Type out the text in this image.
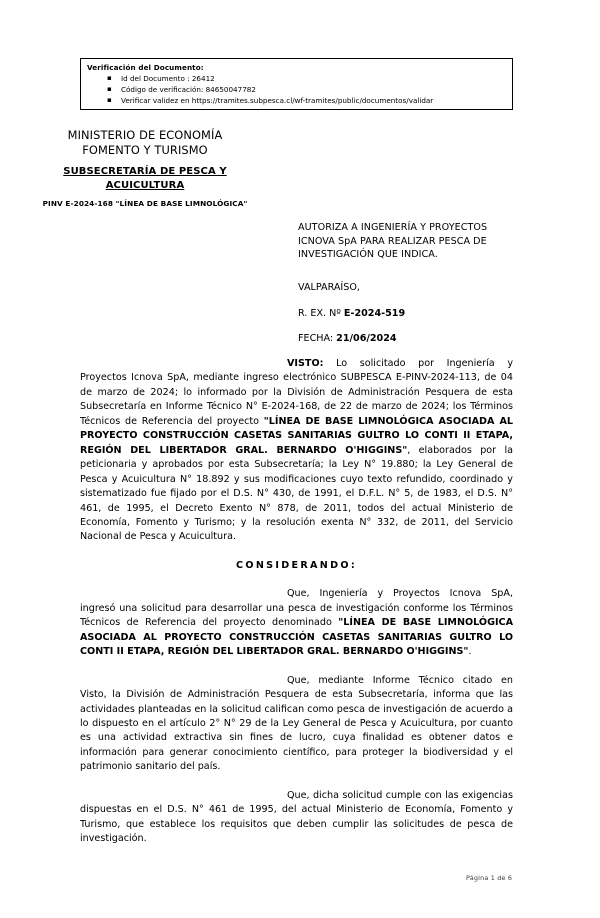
Verificación del Documento:
▪ Id del Documento : 26412
▪ Código de verificación: 84650047782
▪ Verificar validez en https://tramites.subpesca.cl/wf-tramites/public/documentos/validar
MINISTERIO DE ECONOMÍA
FOMENTO Y TURISMO
SUBSECRETARÍA DE PESCA Y ACUICULTURA
PINV E-2024-168 "LÍNEA DE BASE LIMNOLÓGICA"
AUTORIZA A INGENIERÍA Y PROYECTOS ICNOVA SpA PARA REALIZAR PESCA DE INVESTIGACIÓN QUE INDICA.
VALPARAÍSO,
R. EX. Nº E-2024-519
FECHA: 21/06/2024

VISTO: Lo solicitado por Ingeniería y Proyectos Icnova SpA, mediante ingreso electrónico SUBPESCA E-PINV-2024-113, de 04 de marzo de 2024; lo informado por la División de Administración Pesquera de esta Subsecretaría en Informe Técnico N° E-2024-168, de 22 de marzo de 2024; los Términos Técnicos de Referencia del proyecto "LÍNEA DE BASE LIMNOLÓGICA ASOCIADA AL PROYECTO CONSTRUCCIÓN CASETAS SANITARIAS GULTRO LO CONTI II ETAPA, REGIÓN DEL LIBERTADOR GRAL. BERNARDO O'HIGGINS", elaborados por la peticionaria y aprobados por esta Subsecretaría; la Ley N° 19.880; la Ley General de Pesca y Acuicultura N° 18.892 y sus modificaciones cuyo texto refundido, coordinado y sistematizado fue fijado por el D.S. N° 430, de 1991, el D.F.L. N° 5, de 1983, el D.S. N° 461, de 1995, el Decreto Exento N° 878, de 2011, todos del actual Ministerio de Economía, Fomento y Turismo; y la resolución exenta N° 332, de 2011, del Servicio Nacional de Pesca y Acuicultura.

CONSIDERANDO:

Que, Ingeniería y Proyectos Icnova SpA, ingresó una solicitud para desarrollar una pesca de investigación conforme los Términos Técnicos de Referencia del proyecto denominado "LÍNEA DE BASE LIMNOLÓGICA ASOCIADA AL PROYECTO CONSTRUCCIÓN CASETAS SANITARIAS GULTRO LO CONTI II ETAPA, REGIÓN DEL LIBERTADOR GRAL. BERNARDO O'HIGGINS".

Que, mediante Informe Técnico citado en Visto, la División de Administración Pesquera de esta Subsecretaría, informa que las actividades planteadas en la solicitud califican como pesca de investigación de acuerdo a lo dispuesto en el artículo 2° N° 29 de la Ley General de Pesca y Acuicultura, por cuanto es una actividad extractiva sin fines de lucro, cuya finalidad es obtener datos e información para generar conocimiento científico, para proteger la biodiversidad y el patrimonio sanitario del país.

Que, dicha solicitud cumple con las exigencias dispuestas en el D.S. N° 461 de 1995, del actual Ministerio de Economía, Fomento y Turismo, que establece los requisitos que deben cumplir las solicitudes de pesca de investigación.

Página 1 de 6
